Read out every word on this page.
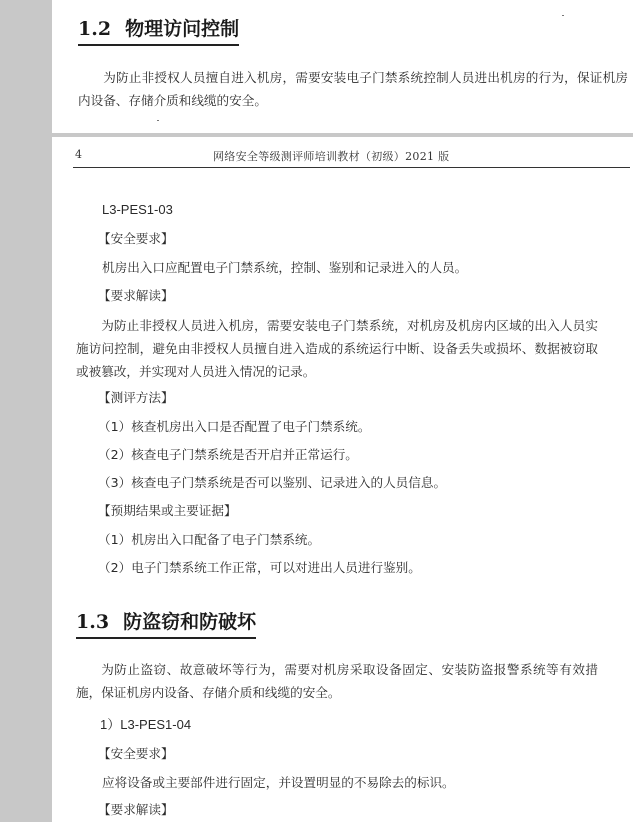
1.2 物理访问控制
为防止非授权人员擅自进入机房，需要安装电子门禁系统控制人员进出机房的行为，保证机房内设备、存储介质和线缆的安全。
4	网络安全等级测评师培训教材（初级）2021 版
L3-PES1-03
【安全要求】
机房出入口应配置电子门禁系统，控制、鉴别和记录进入的人员。
【要求解读】
为防止非授权人员进入机房，需要安装电子门禁系统，对机房及机房内区域的出入人员实施访问控制，避免由非授权人员擅自进入造成的系统运行中断、设备丢失或损坏、数据被窃取或被篡改，并实现对人员进入情况的记录。
【测评方法】
（1）核查机房出入口是否配置了电子门禁系统。
（2）核查电子门禁系统是否开启并正常运行。
（3）核查电子门禁系统是否可以鉴别、记录进入的人员信息。
【预期结果或主要证据】
（1）机房出入口配备了电子门禁系统。
（2）电子门禁系统工作正常，可以对进出人员进行鉴别。
1.3 防盗窃和防破坏
为防止盗窃、故意破坏等行为，需要对机房采取设备固定、安装防盗报警系统等有效措施，保证机房内设备、存储介质和线缆的安全。
1）L3-PES1-04
【安全要求】
应将设备或主要部件进行固定，并设置明显的不易除去的标识。
【要求解读】
